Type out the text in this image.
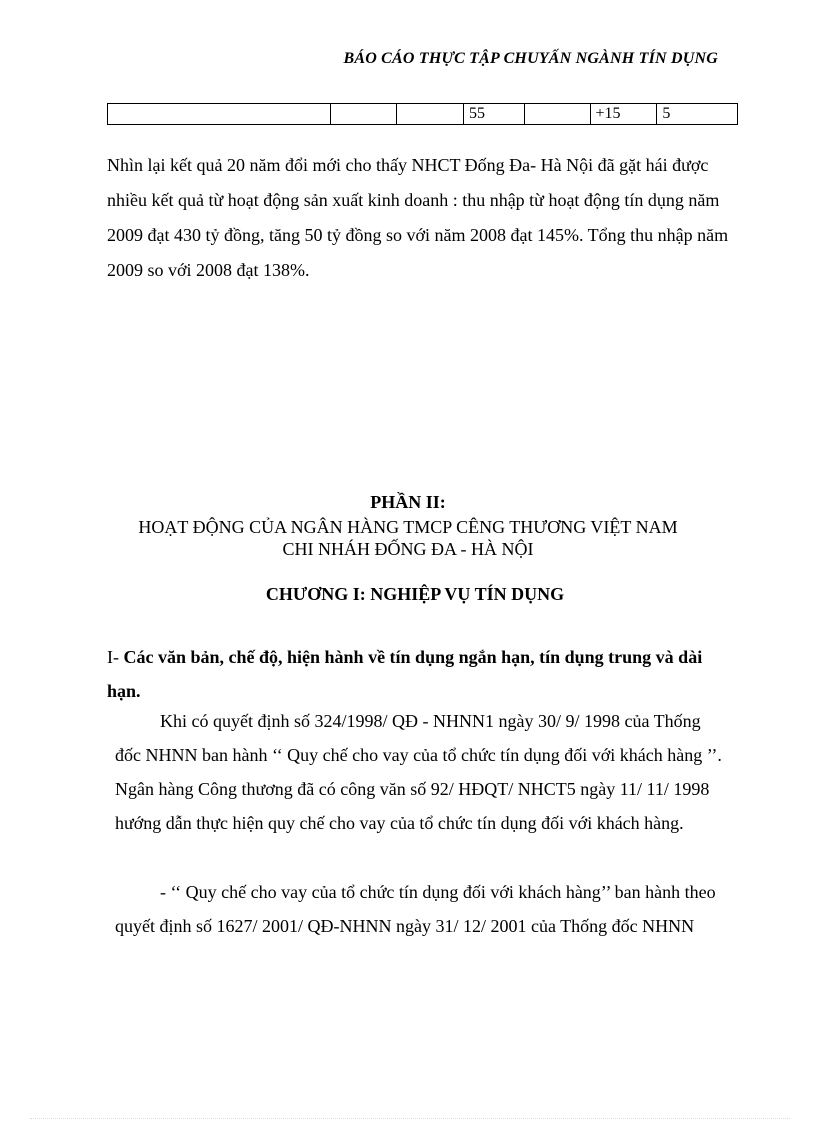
BÁO CÁO THỰC TẬP CHUYẤN NGÀNH TÍN DỤNG
			55		+15	5

Nhìn lại kết quả 20 năm đổi mới cho thấy NHCT Đống Đa- Hà Nội đã gặt hái được nhiều kết quả từ hoạt động sản xuất kinh doanh : thu nhập từ hoạt động tín dụng năm 2009 đạt 430 tỷ đồng, tăng 50 tỷ đồng so với năm 2008 đạt 145%. Tổng thu nhập năm 2009 so với 2008 đạt 138%.

PHẦN II:

HOẠT ĐỘNG CỦA NGÂN HÀNG TMCP CÊNG THƯƠNG VIỆT NAM
CHI NHÁH ĐỐNG ĐA - HÀ NỘI

CHƯƠNG I: NGHIỆP VỤ TÍN DỤNG

I- Các văn bản, chế độ, hiện hành về tín dụng ngắn hạn, tín dụng trung và dài hạn.

Khi có quyết định số 324/1998/ QĐ - NHNN1 ngày 30/ 9/ 1998 của Thống đốc NHNN ban hành ‘‘ Quy chế cho vay của tổ chức tín dụng đối với khách hàng ’’. Ngân hàng Công thương đã có công văn số 92/ HĐQT/ NHCT5 ngày 11/ 11/ 1998 hướng dẫn thực hiện quy chế cho vay của tổ chức tín dụng đối với khách hàng.

- ‘‘ Quy chế cho vay của tổ chức tín dụng đối với khách hàng’’ ban hành theo quyết định số 1627/ 2001/ QĐ-NHNN ngày 31/ 12/ 2001 của Thống đốc NHNN
